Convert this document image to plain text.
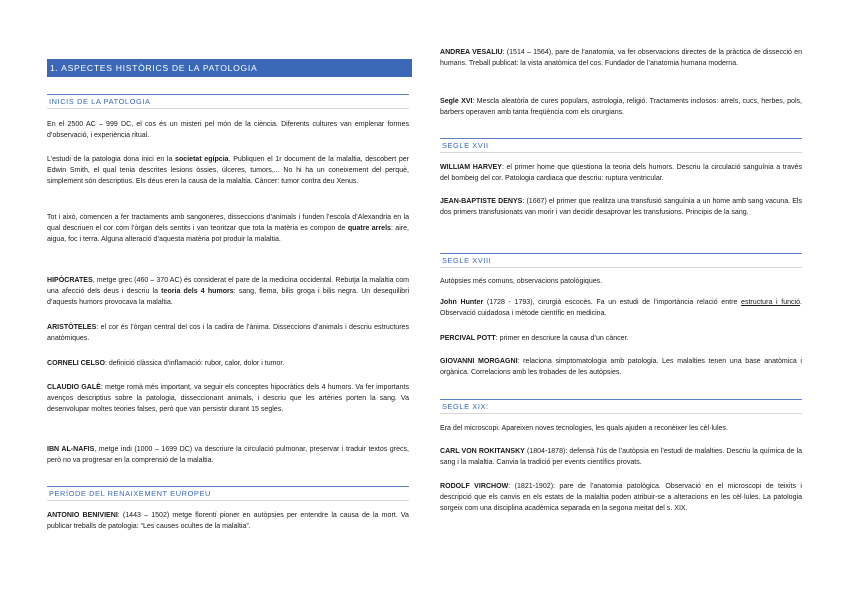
1. ASPECTES HISTÒRICS DE LA PATOLOGIA
INICIS DE LA PATOLOGIA

En el 2500 AC – 999 DC, el cos és un misteri pel món de la ciència. Diferents cultures van emplenar formes d’observació, i experiència ritual.

L’estudi de la patologia dona inici en la societat egípcia. Publiquen el 1r document de la malaltia, descobert per Edwin Smith, el qual tenia descrites lesions òssies, úlceres, tumors,... No hi ha un coneixement del perquè, simplement són descriptius. Els déus eren la causa de la malaltia. Càncer: tumor contra deu Xenus.

Tot i això, comencen a fer tractaments amb sangoneres, disseccions d’animals i funden l’escola d’Alexandria en la qual descriuen el cor com l’òrgan dels sentits i van teoritzar que tota la matèria es compon de quatre arrels: aire, aigua, foc i terra. Alguna alteració d’aquesta matèria pot produir la malaltia.

HIPÒCRATES, metge grec (460 – 370 AC) és considerat el pare de la medicina occidental. Rebutja la malaltia com una afecció dels deus i descriu la teoria dels 4 humors: sang, flema, bilis groga i bilis negra. Un desequilibri d’aquests humors provocava la malaltia.

ARISTÒTELES: el cor és l’òrgan central del cos i la cadira de l’ànima. Disseccions d’animals i descriu estructures anatòmiques.

CORNELI CELSO: definició clàssica d’inflamació: rubor, calor, dolor i tumor.

CLAUDIO GALÈ: metge romà més important, va seguir els conceptes hipocràtics dels 4 humors. Va fer importants avenços descriptius sobre la patologia, disseccionant animals, i descriu que les artèries porten la sang. Va desenvolupar moltes teories falses, però que van persistir durant 15 segles.

IBN AL-NAFIS, metge indi (1000 – 1699 DC) va descriure la circulació pulmonar, preservar i traduir textos grecs, però no va progresar en la comprensió de la malaltia.

PERÍODE DEL RENAIXEMENT EUROPEU

ANTONIO BENIVIENI: (1443 – 1502) metge florentí pioner en autòpsies per entendre la causa de la mort. Va publicar treballs de patologia: “Les causes ocultes de la malaltia”.

ANDREA VESALIU: (1514 – 1564), pare de l’anatomia, va fer observacions directes de la pràctica de dissecció en humans. Treball publicat: la vista anatòmica del cos. Fundador de l’anatomia humana moderna.

Segle XVI: Mescla aleatòria de cures populars, astrologia, religió. Tractaments inclosos: arrels, cucs, herbes, pols, barbers operaven amb tanta freqüència com els cirurgians.

SEGLE XVII

WILLIAM HARVEY: el primer home que qüestiona la teoria dels humors. Descriu la circulació sanguínia a través del bombeig del cor. Patologia cardiaca que descriu: ruptura ventricular.

JEAN-BAPTISTE DENYS: (1667) el primer que realitza una transfusió sanguínia a un home amb sang vacuna. Els dos primers transfusionats van morir i van decidir desaprovar les transfusions. Principis de la sang.

SEGLE XVIII

Autòpsies més comuns, observacions patològiques.

John Hunter (1728 - 1793), cirurgià escocès. Fa un estudi de l’importància relació entre estructura i funció. Observació cuidadosa i mètode científic en medicina.

PERCIVAL POTT: primer en descriure la causa d’un càncer.

GIOVANNI MORGAGNI: relaciona simptomatologia amb patologia. Les malalties tenen una base anatòmica i orgànica. Correlacions amb les trobades de les autòpsies.

SEGLE XIX:

Era del microscopi. Apareixen noves tecnologies, les quals ajuden a reconèixer les cèl·lules.

CARL VON ROKITANSKY (1804-1878): defensà l’ús de l’autòpsia en l’estudi de malalties. Descriu la química de la sang i la malaltia. Canvia la tradició per events científics provats.

RODOLF VIRCHOW: (1821-1902): pare de l’anatomia patològica. Observació en el microscopi de teixits i descripció que els canvis en els estats de la malaltia poden atribuir-se a alteracions en les cèl·lules. La patologia sorgeix com una disciplina acadèmica separada en la segona meitat del s. XIX.
